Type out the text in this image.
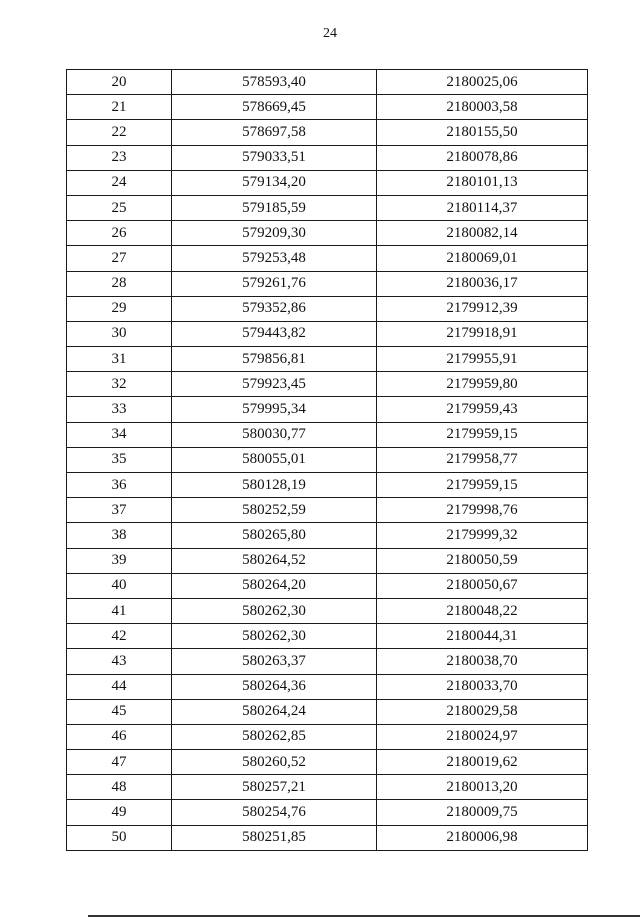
24
20	578593,40	2180025,06
21	578669,45	2180003,58
22	578697,58	2180155,50
23	579033,51	2180078,86
24	579134,20	2180101,13
25	579185,59	2180114,37
26	579209,30	2180082,14
27	579253,48	2180069,01
28	579261,76	2180036,17
29	579352,86	2179912,39
30	579443,82	2179918,91
31	579856,81	2179955,91
32	579923,45	2179959,80
33	579995,34	2179959,43
34	580030,77	2179959,15
35	580055,01	2179958,77
36	580128,19	2179959,15
37	580252,59	2179998,76
38	580265,80	2179999,32
39	580264,52	2180050,59
40	580264,20	2180050,67
41	580262,30	2180048,22
42	580262,30	2180044,31
43	580263,37	2180038,70
44	580264,36	2180033,70
45	580264,24	2180029,58
46	580262,85	2180024,97
47	580260,52	2180019,62
48	580257,21	2180013,20
49	580254,76	2180009,75
50	580251,85	2180006,98
